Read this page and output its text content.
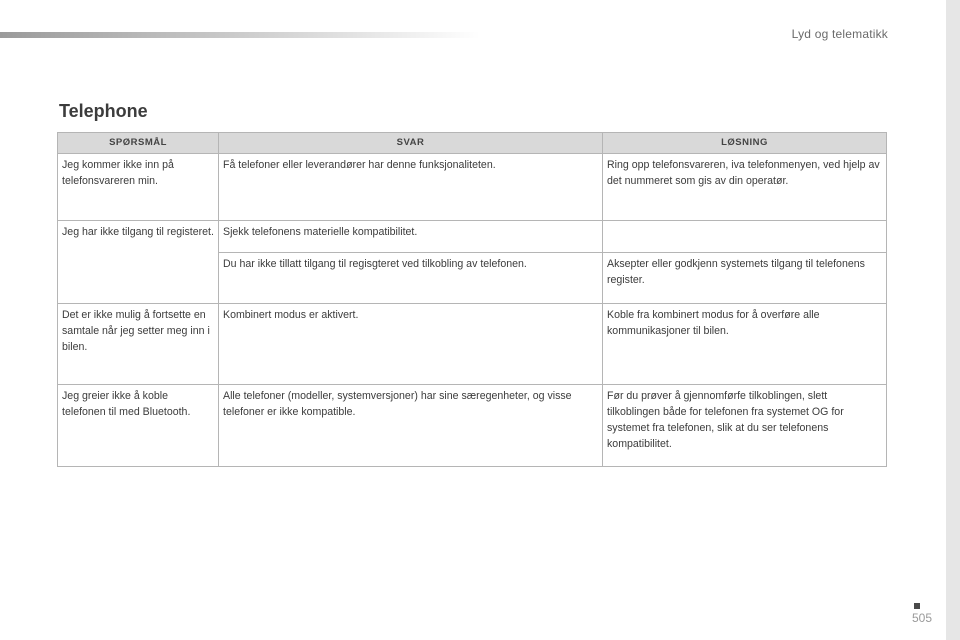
Lyd og telematikk
Telephone
SPØRSMÅL	SVAR	LØSNING
Jeg kommer ikke inn på telefonsvareren min.	Få telefoner eller leverandører har denne funksjonaliteten.	Ring opp telefonsvareren, iva telefonmenyen, ved hjelp av det nummeret som gis av din operatør.
Jeg har ikke tilgang til registeret.	Sjekk telefonens materielle kompatibilitet.	
	Du har ikke tillatt tilgang til regisgteret ved tilkobling av telefonen.	Aksepter eller godkjenn systemets tilgang til telefonens register.
Det er ikke mulig å fortsette en samtale når jeg setter meg inn i bilen.	Kombinert modus er aktivert.	Koble fra kombinert modus for å overføre alle kommunikasjoner til bilen.
Jeg greier ikke å koble telefonen til med Bluetooth.	Alle telefoner (modeller, systemversjoner) har sine særegenheter, og visse telefoner er ikke kompatible.	Før du prøver å gjennomførfe tilkoblingen, slett tilkoblingen både for telefonen fra systemet OG for systemet fra telefonen, slik at du ser telefonens kompatibilitet.
505
